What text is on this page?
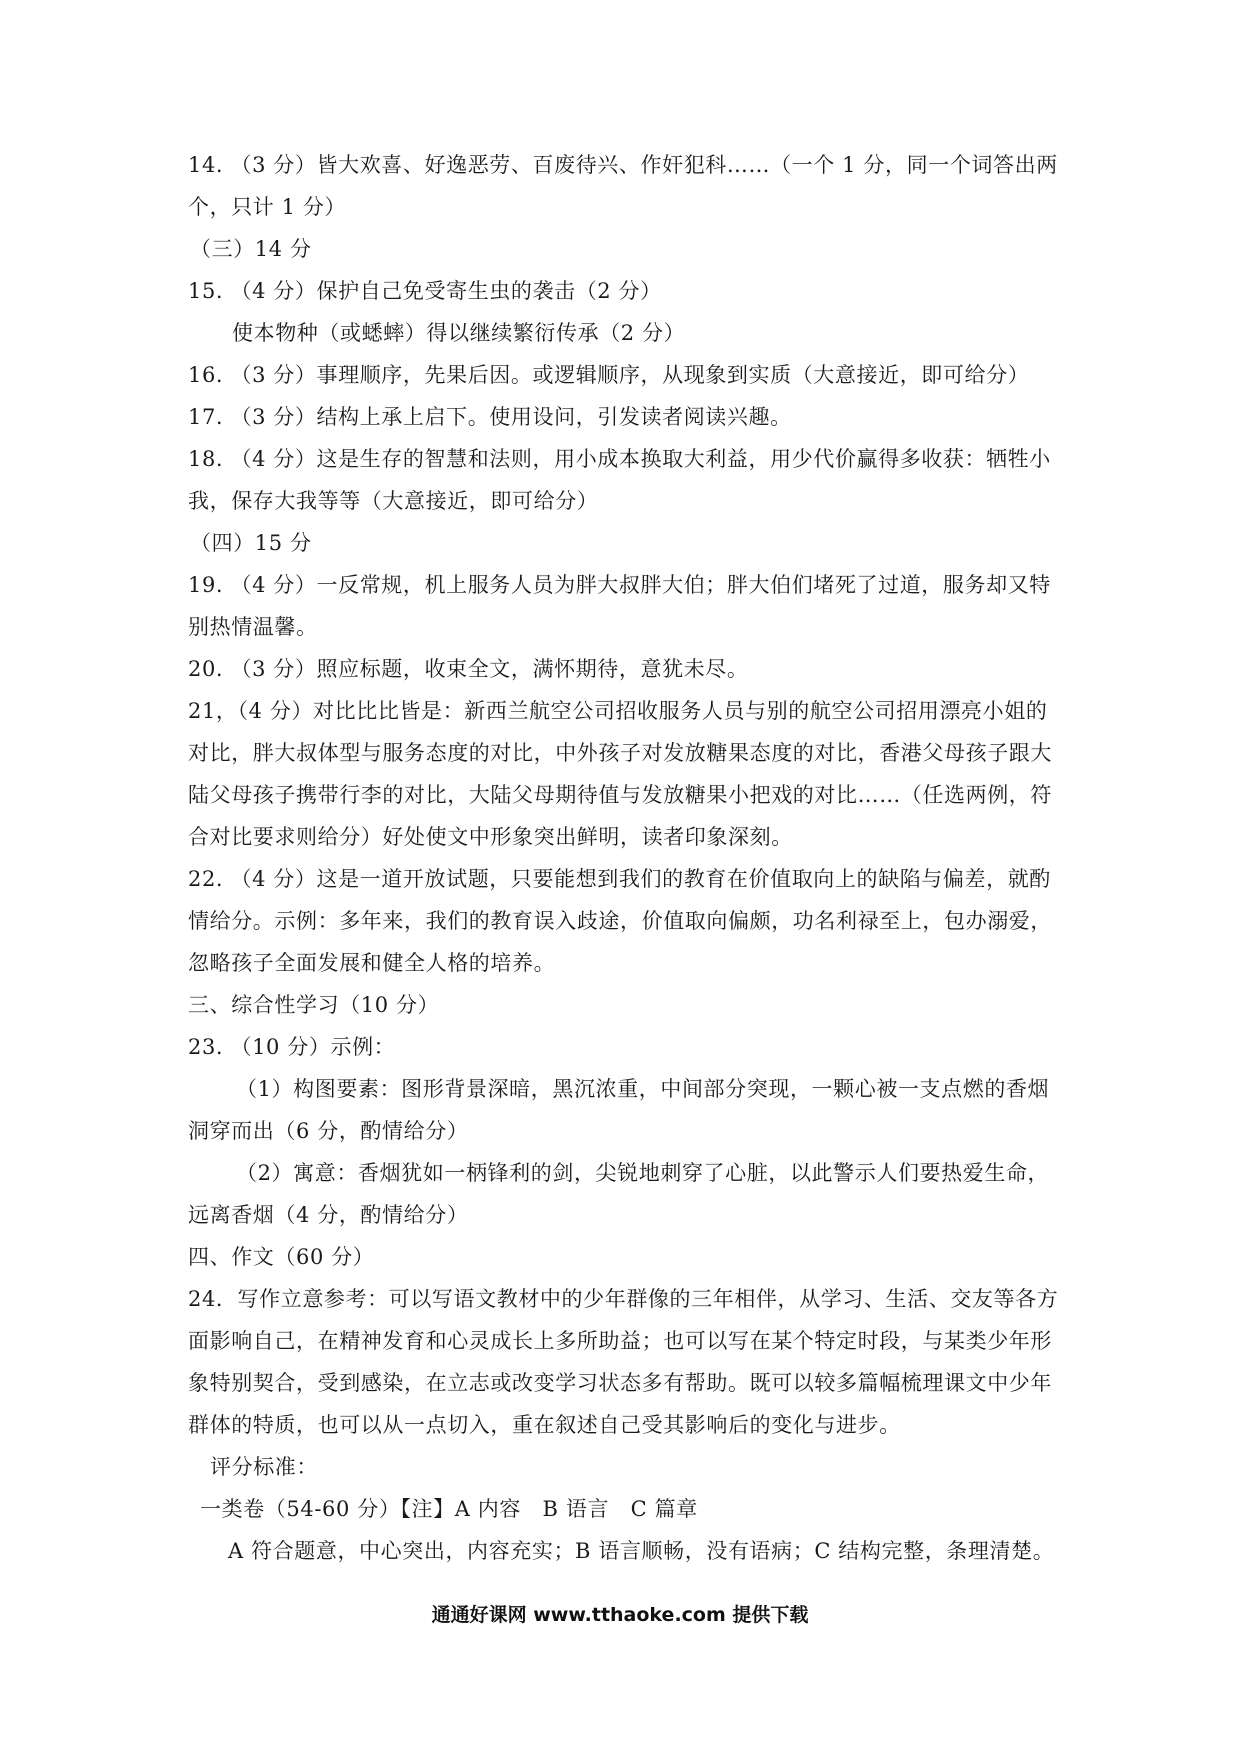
14. （3 分）皆大欢喜、好逸恶劳、百废待兴、作奸犯科……（一个 1 分，同一个词答出两
个，只计 1 分）
（三）14 分
15. （4 分）保护自己免受寄生虫的袭击（2 分）
使本物种（或蟋蟀）得以继续繁衍传承（2 分）
16. （3 分）事理顺序，先果后因。或逻辑顺序，从现象到实质（大意接近，即可给分）
17. （3 分）结构上承上启下。使用设问，引发读者阅读兴趣。
18. （4 分）这是生存的智慧和法则，用小成本换取大利益，用少代价赢得多收获：牺牲小
我，保存大我等等（大意接近，即可给分）
（四）15 分
19. （4 分）一反常规，机上服务人员为胖大叔胖大伯；胖大伯们堵死了过道，服务却又特
别热情温馨。
20. （3 分）照应标题，收束全文，满怀期待，意犹未尽。
21，（4 分）对比比比皆是：新西兰航空公司招收服务人员与别的航空公司招用漂亮小姐的
对比，胖大叔体型与服务态度的对比，中外孩子对发放糖果态度的对比，香港父母孩子跟大
陆父母孩子携带行李的对比，大陆父母期待值与发放糖果小把戏的对比……（任选两例，符
合对比要求则给分）好处使文中形象突出鲜明，读者印象深刻。
22. （4 分）这是一道开放试题，只要能想到我们的教育在价值取向上的缺陷与偏差，就酌
情给分。示例：多年来，我们的教育误入歧途，价值取向偏颇，功名利禄至上，包办溺爱，
忽略孩子全面发展和健全人格的培养。
三、综合性学习（10 分）
23. （10 分）示例：
（1）构图要素：图形背景深暗，黑沉浓重，中间部分突现，一颗心被一支点燃的香烟
洞穿而出（6 分，酌情给分）
（2）寓意：香烟犹如一柄锋利的剑，尖锐地刺穿了心脏，以此警示人们要热爱生命，
远离香烟（4 分，酌情给分）
四、作文（60 分）
24．写作立意参考：可以写语文教材中的少年群像的三年相伴，从学习、生活、交友等各方
面影响自己，在精神发育和心灵成长上多所助益；也可以写在某个特定时段，与某类少年形
象特别契合，受到感染，在立志或改变学习状态多有帮助。既可以较多篇幅梳理课文中少年
群体的特质，也可以从一点切入，重在叙述自己受其影响后的变化与进步。
评分标准：
一类卷（54-60 分）【注】A 内容　B 语言　C 篇章
A 符合题意，中心突出，内容充实；B 语言顺畅，没有语病；C 结构完整，条理清楚。
通通好课网 www.tthaoke.com 提供下载
